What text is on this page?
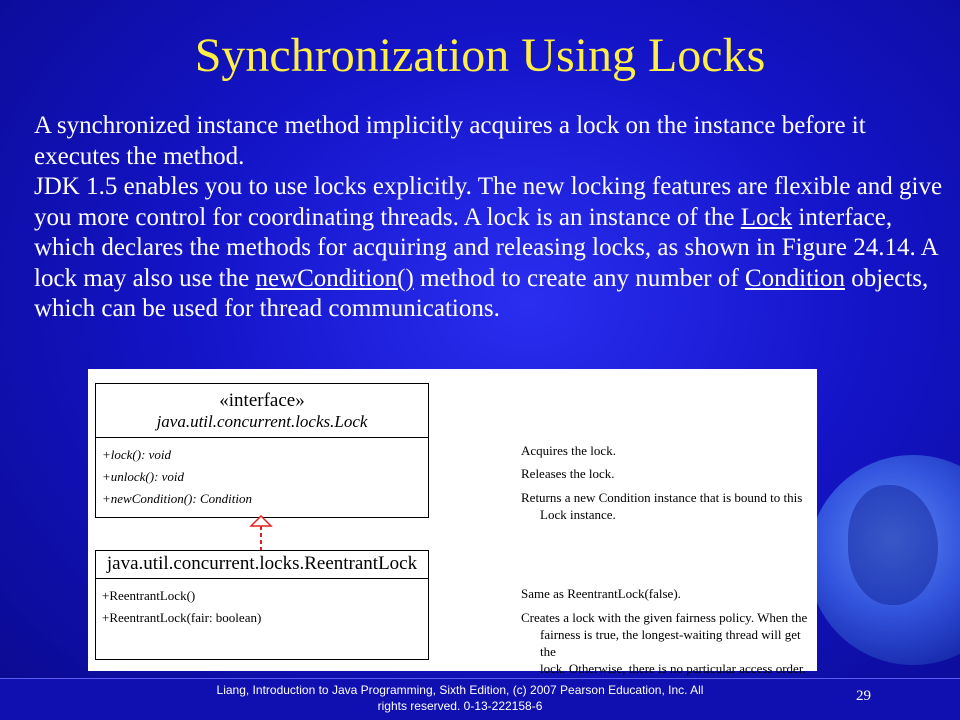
Synchronization Using Locks

A synchronized instance method implicitly acquires a lock on the instance before it executes the method.

JDK 1.5 enables you to use locks explicitly. The new locking features are flexible and give you more control for coordinating threads. A lock is an instance of the Lock interface, which declares the methods for acquiring and releasing locks, as shown in Figure 24.14. A lock may also use the newCondition() method to create any number of Condition objects, which can be used for thread communications.

«interface»
java.util.concurrent.locks.Lock
+lock(): void
+unlock(): void
+newCondition(): Condition
Acquires the lock.
Releases the lock.
Returns a new Condition instance that is bound to this
Lock instance.
java.util.concurrent.locks.ReentrantLock
+ReentrantLock()
+ReentrantLock(fair: boolean)
Same as ReentrantLock(false).
Creates a lock with the given fairness policy. When the
fairness is true, the longest-waiting thread will get the
lock. Otherwise, there is no particular access order.
Liang, Introduction to Java Programming, Sixth Edition, (c) 2007 Pearson Education, Inc. All
rights reserved. 0-13-222158-6
29
